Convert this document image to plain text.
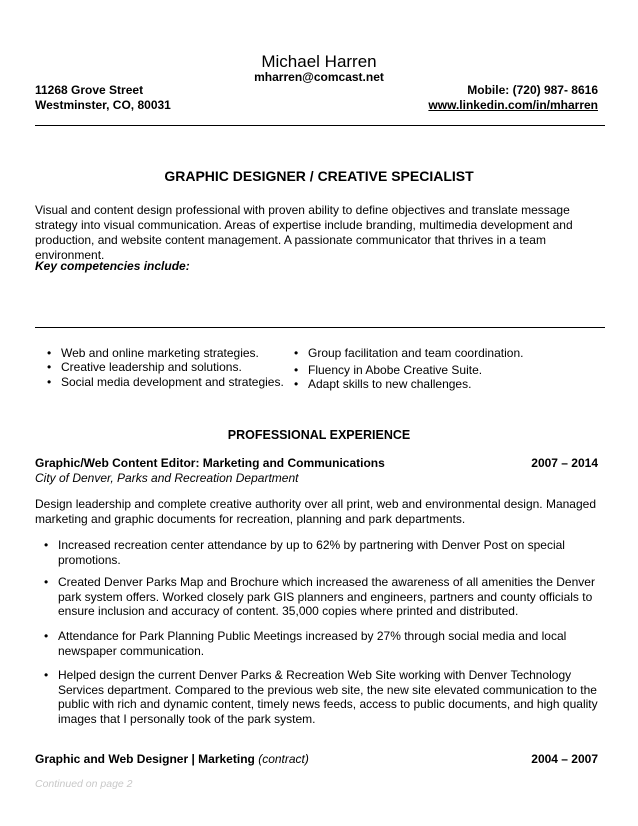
Michael Harren
mharren@comcast.net
11268 Grove Street
Westminster, CO, 80031
Mobile: (720) 987- 8616
www.linkedin.com/in/mharren
GRAPHIC DESIGNER / CREATIVE SPECIALIST
Visual and content design professional with proven ability to define objectives and translate message strategy into visual communication. Areas of expertise include branding, multimedia development and production, and website content management. A passionate communicator that thrives in a team environment.
Key competencies include:
• Web and online marketing strategies.
• Creative leadership and solutions.
• Social media development and strategies.
• Group facilitation and team coordination.
• Fluency in Abobe Creative Suite.
• Adapt skills to new challenges.
PROFESSIONAL EXPERIENCE
Graphic/Web Content Editor: Marketing and Communications	2007 – 2014
City of Denver, Parks and Recreation Department
Design leadership and complete creative authority over all print, web and environmental design. Managed marketing and graphic documents for recreation, planning and park departments.
• Increased recreation center attendance by up to 62% by partnering with Denver Post on special promotions.
• Created Denver Parks Map and Brochure which increased the awareness of all amenities the Denver park system offers. Worked closely park GIS planners and engineers, partners and county officials to ensure inclusion and accuracy of content. 35,000 copies where printed and distributed.
• Attendance for Park Planning Public Meetings increased by 27% through social media and local newspaper communication.
• Helped design the current Denver Parks & Recreation Web Site working with Denver Technology Services department. Compared to the previous web site, the new site elevated communication to the public with rich and dynamic content, timely news feeds, access to public documents, and high quality images that I personally took of the park system.
Graphic and Web Designer | Marketing (contract)	2004 – 2007
Continued on page 2
